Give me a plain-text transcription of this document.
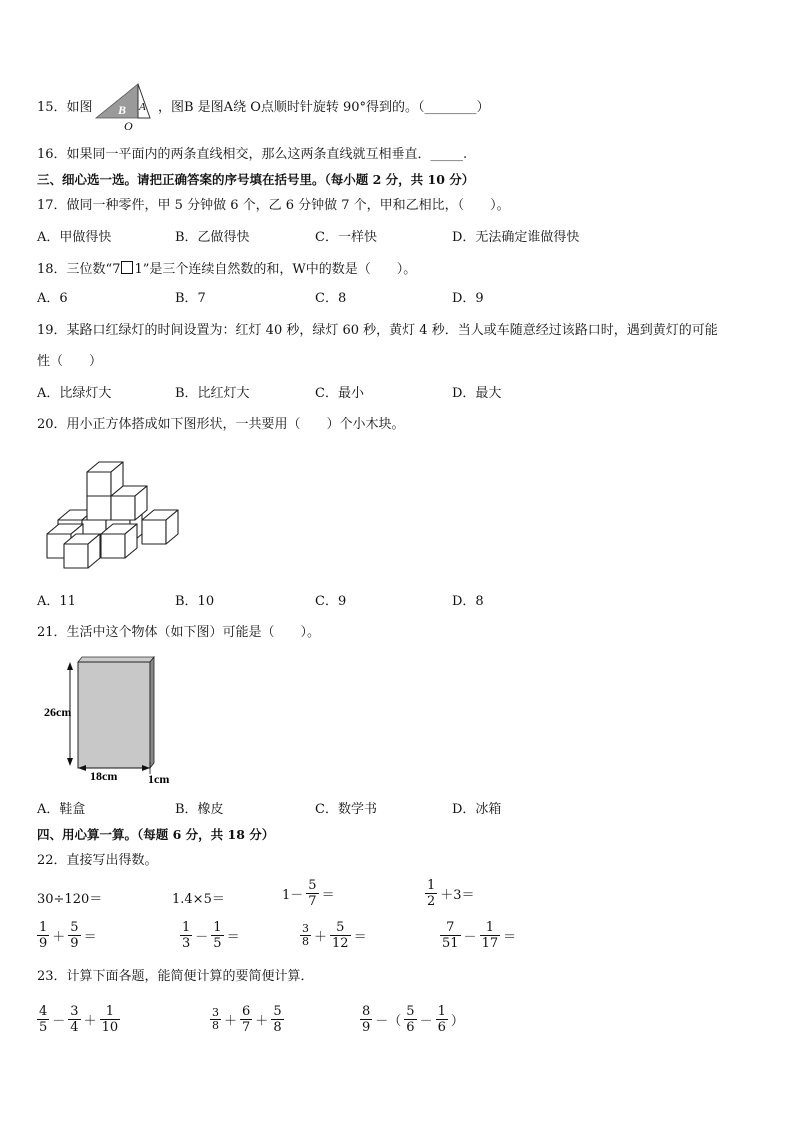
15．如图 B A
O
，图B 是图A绕 O点顺时针旋转 90°得到的。（________）
16．如果同一平面内的两条直线相交，那么这两条直线就互相垂直．_____.
三、细心选一选。请把正确答案的序号填在括号里。（每小题 2 分，共 10 分）
17．做同一种零件，甲 5 分钟做 6 个，乙 6 分钟做 7 个，甲和乙相比，（　　）。
A．甲做得快	B．乙做得快	C．一样快	D．无法确定谁做得快
18．三位数“7 1”是三个连续自然数的和，W中的数是（　　）。
A．6	B．7	C．8	D．9
19．某路口红绿灯的时间设置为：红灯 40 秒，绿灯 60 秒，黄灯 4 秒．当人或车随意经过该路口时，遇到黄灯的可能
性（　　）
A．比绿灯大	B．比红灯大	C．最小	D．最大
20．用小正方体搭成如下图形状，一共要用（　　）个小木块。
A．11	B．10	C．9	D．8
21．生活中这个物体（如下图）可能是（　　）。
26cm
18cm	1cm
A．鞋盒	B．橡皮	C．数学书	D．冰箱
四、用心算一算。（每题 6 分，共 18 分）
22．直接写出得数。
30÷120＝	1.4×5＝	$1- \frac{5}{7}$ ＝	$\frac{1}{2} +3=$
$\frac{1}{9} + \frac{5}{9}$ ＝	$\frac{1}{3} - \frac{1}{5}$ ＝	$\frac{3}{8} + \frac{5}{12}$ ＝	$\frac{7}{51} - \frac{1}{17}$ ＝
23．计算下面各题，能简便计算的要简便计算．
$\frac{4}{5} - \frac{3}{4} + \frac{1}{10}$	$\frac{3}{8} + \frac{6}{7} + \frac{5}{8}$	$\frac{8}{9}$ －（ $\frac{5}{6} - \frac{1}{6}$ ）
